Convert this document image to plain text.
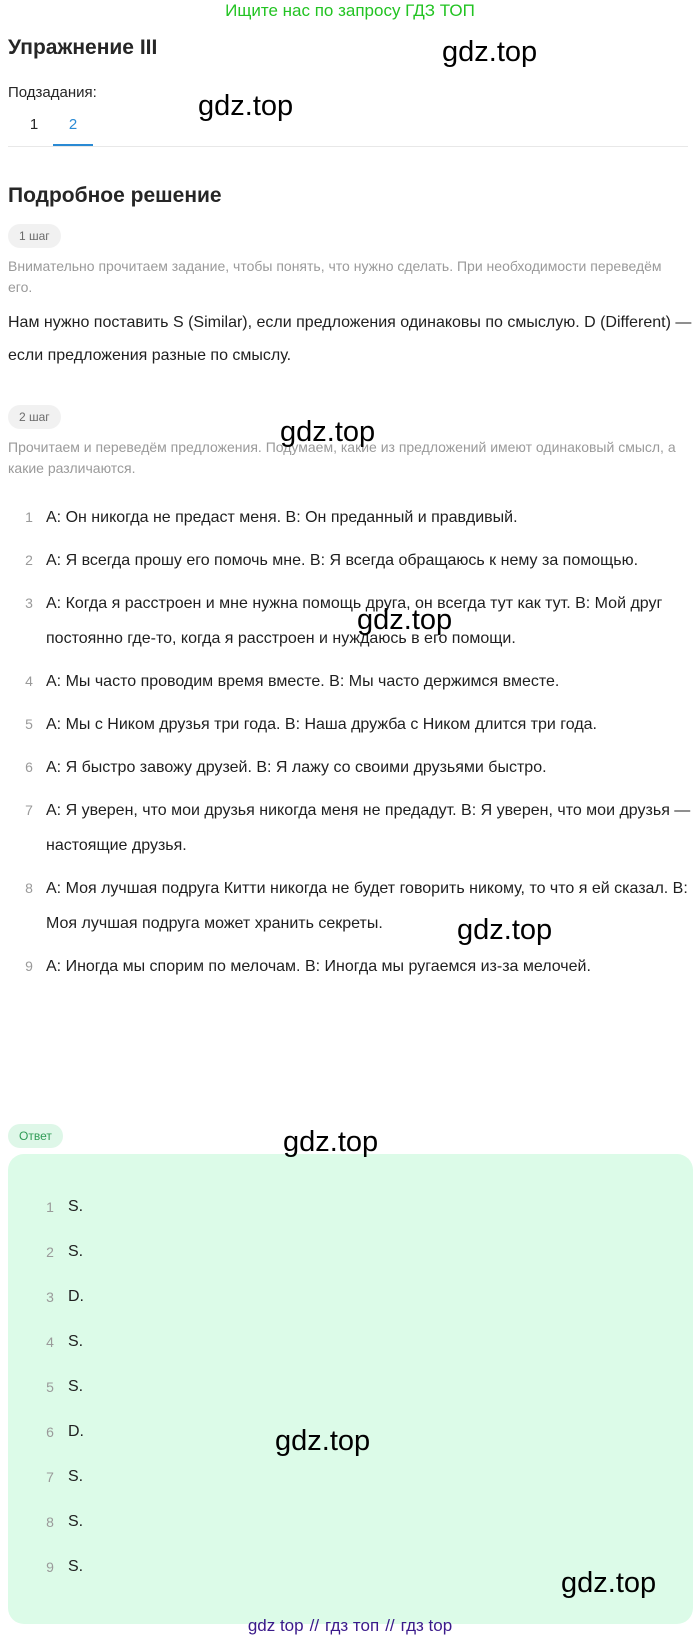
Ищите нас по запросу ГДЗ ТОП
Упражнение III
Подзадания:
1	2
Подробное решение
1 шаг
Внимательно прочитаем задание, чтобы понять, что нужно сделать. При необходимости переведём его.
Нам нужно поставить S (Similar), если предложения одинаковы по смыслую. D (Different) — если предложения разные по смыслу.
2 шаг
Прочитаем и переведём предложения. Подумаем, какие из предложений имеют одинаковый смысл, а какие различаются.
1 A: Он никогда не предаст меня. B: Он преданный и правдивый.
2 A: Я всегда прошу его помочь мне. B: Я всегда обращаюсь к нему за помощью.
3 A: Когда я расстроен и мне нужна помощь друга, он всегда тут как тут. B: Мой друг постоянно где-то, когда я расстроен и нуждаюсь в его помощи.
4 A: Мы часто проводим время вместе. B: Мы часто держимся вместе.
5 A: Мы с Ником друзья три года. B: Наша дружба с Ником длится три года.
6 A: Я быстро завожу друзей. B: Я лажу со своими друзьями быстро.
7 A: Я уверен, что мои друзья никогда меня не предадут. B: Я уверен, что мои друзья — настоящие друзья.
8 A: Моя лучшая подруга Китти никогда не будет говорить никому, то что я ей сказал. B: Моя лучшая подруга может хранить секреты.
9 A: Иногда мы спорим по мелочам. B: Иногда мы ругаемся из-за мелочей.
Ответ
1 S.
2 S.
3 D.
4 S.
5 S.
6 D.
7 S.
8 S.
9 S.
gdz.top
gdz.top
gdz.top
gdz.top
gdz.top
gdz.top
gdz.top
gdz.top
gdz top // гдз топ // гдз top
